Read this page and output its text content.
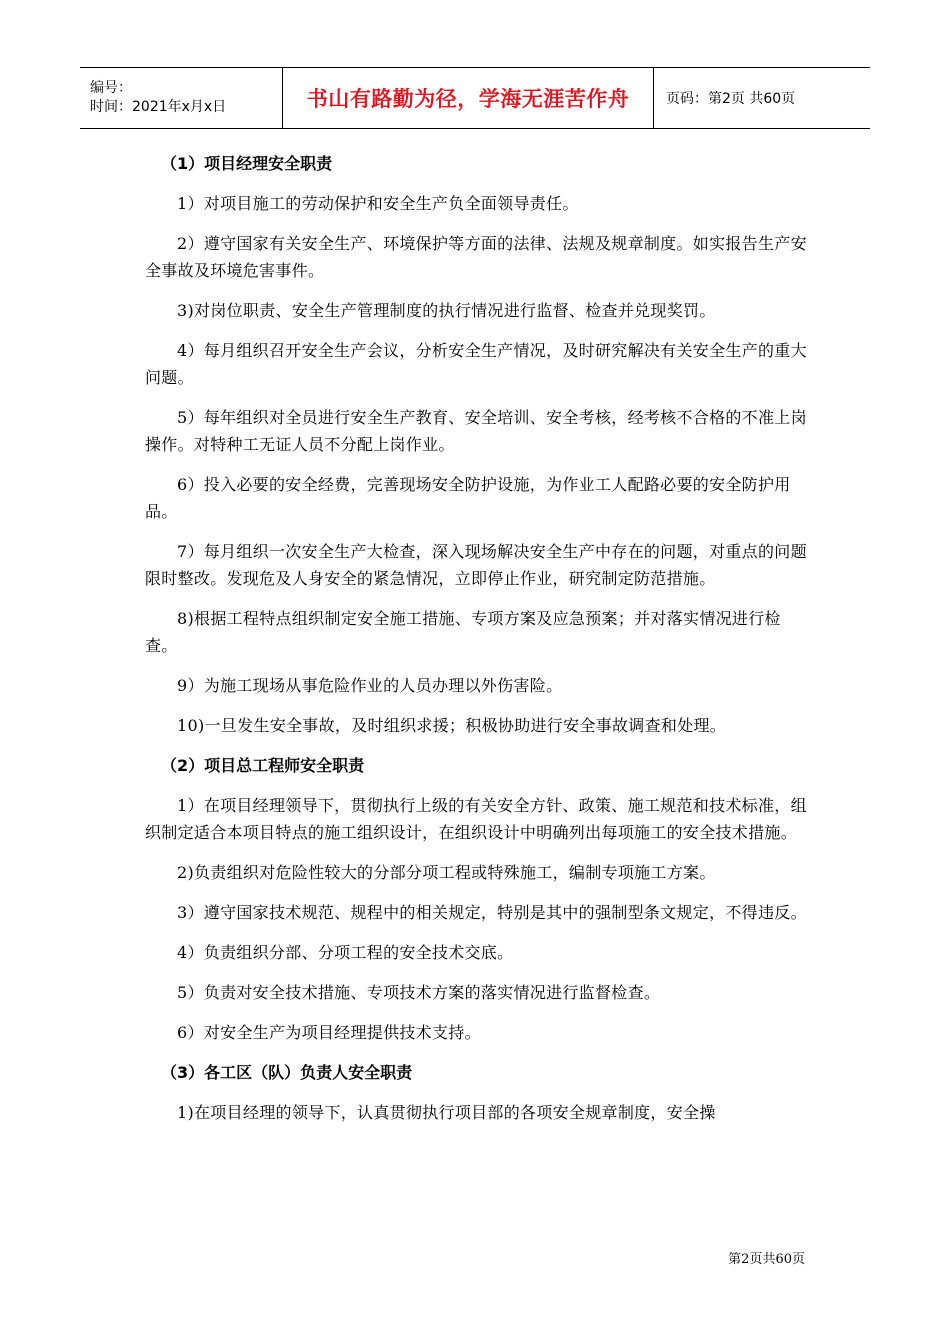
编号：
时间：2021年x月x日	书山有路勤为径，学海无涯苦作舟	页码：第2页 共60页
（1）项目经理安全职责

1）对项目施工的劳动保护和安全生产负全面领导责任。

2）遵守国家有关安全生产、环境保护等方面的法律、法规及规章制度。如实报告生产安全事故及环境危害事件。

3)对岗位职责、安全生产管理制度的执行情况进行监督、检查并兑现奖罚。

4）每月组织召开安全生产会议，分析安全生产情况，及时研究解决有关安全生产的重大问题。

5）每年组织对全员进行安全生产教育、安全培训、安全考核，经考核不合格的不准上岗操作。对特种工无证人员不分配上岗作业。

6）投入必要的安全经费，完善现场安全防护设施，为作业工人配路必要的安全防护用品。

7）每月组织一次安全生产大检查，深入现场解决安全生产中存在的问题，对重点的问题限时整改。发现危及人身安全的紧急情况，立即停止作业，研究制定防范措施。

8)根据工程特点组织制定安全施工措施、专项方案及应急预案；并对落实情况进行检查。

9）为施工现场从事危险作业的人员办理以外伤害险。

10)一旦发生安全事故，及时组织求援；积极协助进行安全事故调查和处理。

（2）项目总工程师安全职责

1）在项目经理领导下，贯彻执行上级的有关安全方针、政策、施工规范和技术标准，组织制定适合本项目特点的施工组织设计，在组织设计中明确列出每项施工的安全技术措施。

2)负责组织对危险性较大的分部分项工程或特殊施工，编制专项施工方案。

3）遵守国家技术规范、规程中的相关规定，特别是其中的强制型条文规定，不得违反。

4）负责组织分部、分项工程的安全技术交底。

5）负责对安全技术措施、专项技术方案的落实情况进行监督检查。

6）对安全生产为项目经理提供技术支持。

（3）各工区（队）负责人安全职责

1)在项目经理的领导下，认真贯彻执行项目部的各项安全规章制度，安全操

第2页共60页
